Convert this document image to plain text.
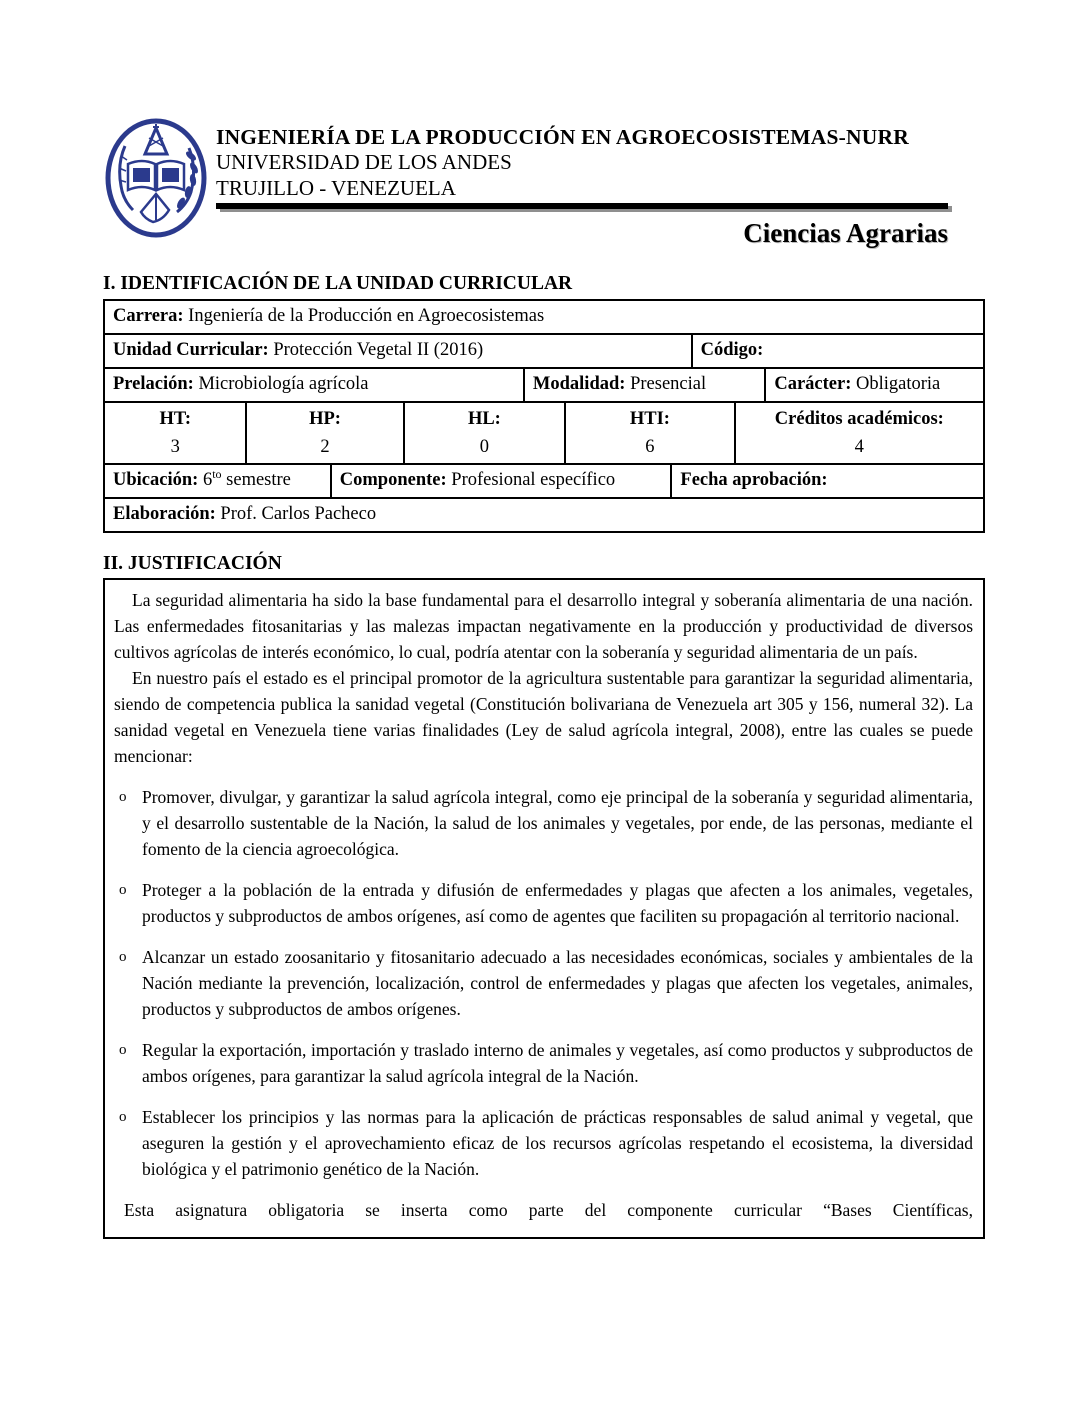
INGENIERÍA DE LA PRODUCCIÓN EN AGROECOSISTEMAS-NURR
UNIVERSIDAD DE LOS ANDES
TRUJILLO - VENEZUELA
Ciencias Agrarias
I. IDENTIFICACIÓN DE LA UNIDAD CURRICULAR
Carrera: Ingeniería de la Producción en Agroecosistemas
Unidad Curricular: Protección Vegetal II (2016)	Código:
Prelación: Microbiología agrícola	Modalidad: Presencial	Carácter: Obligatoria
HT:
3
HP:
2
HL:
0
HTI:
6
Créditos académicos:
4
Ubicación: $6^{to}$ semestre	Componente: Profesional específico	Fecha aprobación:
Elaboración: Prof. Carlos Pacheco
II. JUSTIFICACIÓN

La seguridad alimentaria ha sido la base fundamental para el desarrollo integral y soberanía alimentaria de una nación. Las enfermedades fitosanitarias y las malezas impactan negativamente en la producción y productividad de diversos cultivos agrícolas de interés económico, lo cual, podría atentar con la soberanía y seguridad alimentaria de un país.

En nuestro país el estado es el principal promotor de la agricultura sustentable para garantizar la seguridad alimentaria, siendo de competencia publica la sanidad vegetal (Constitución bolivariana de Venezuela art 305 y 156, numeral 32). La sanidad vegetal en Venezuela tiene varias finalidades (Ley de salud agrícola integral, 2008), entre las cuales se puede mencionar:

o Promover, divulgar, y garantizar la salud agrícola integral, como eje principal de la soberanía y seguridad alimentaria, y el desarrollo sustentable de la Nación, la salud de los animales y vegetales, por ende, de las personas, mediante el fomento de la ciencia agroecológica.
o Proteger a la población de la entrada y difusión de enfermedades y plagas que afecten a los animales, vegetales, productos y subproductos de ambos orígenes, así como de agentes que faciliten su propagación al territorio nacional.
o Alcanzar un estado zoosanitario y fitosanitario adecuado a las necesidades económicas, sociales y ambientales de la Nación mediante la prevención, localización, control de enfermedades y plagas que afecten los vegetales, animales, productos y subproductos de ambos orígenes.
o Regular la exportación, importación y traslado interno de animales y vegetales, así como productos y subproductos de ambos orígenes, para garantizar la salud agrícola integral de la Nación.
o Establecer los principios y las normas para la aplicación de prácticas responsables de salud animal y vegetal, que aseguren la gestión y el aprovechamiento eficaz de los recursos agrícolas respetando el ecosistema, la diversidad biológica y el patrimonio genético de la Nación.
Esta asignatura obligatoria se inserta como parte del componente curricular “Bases Científicas,
